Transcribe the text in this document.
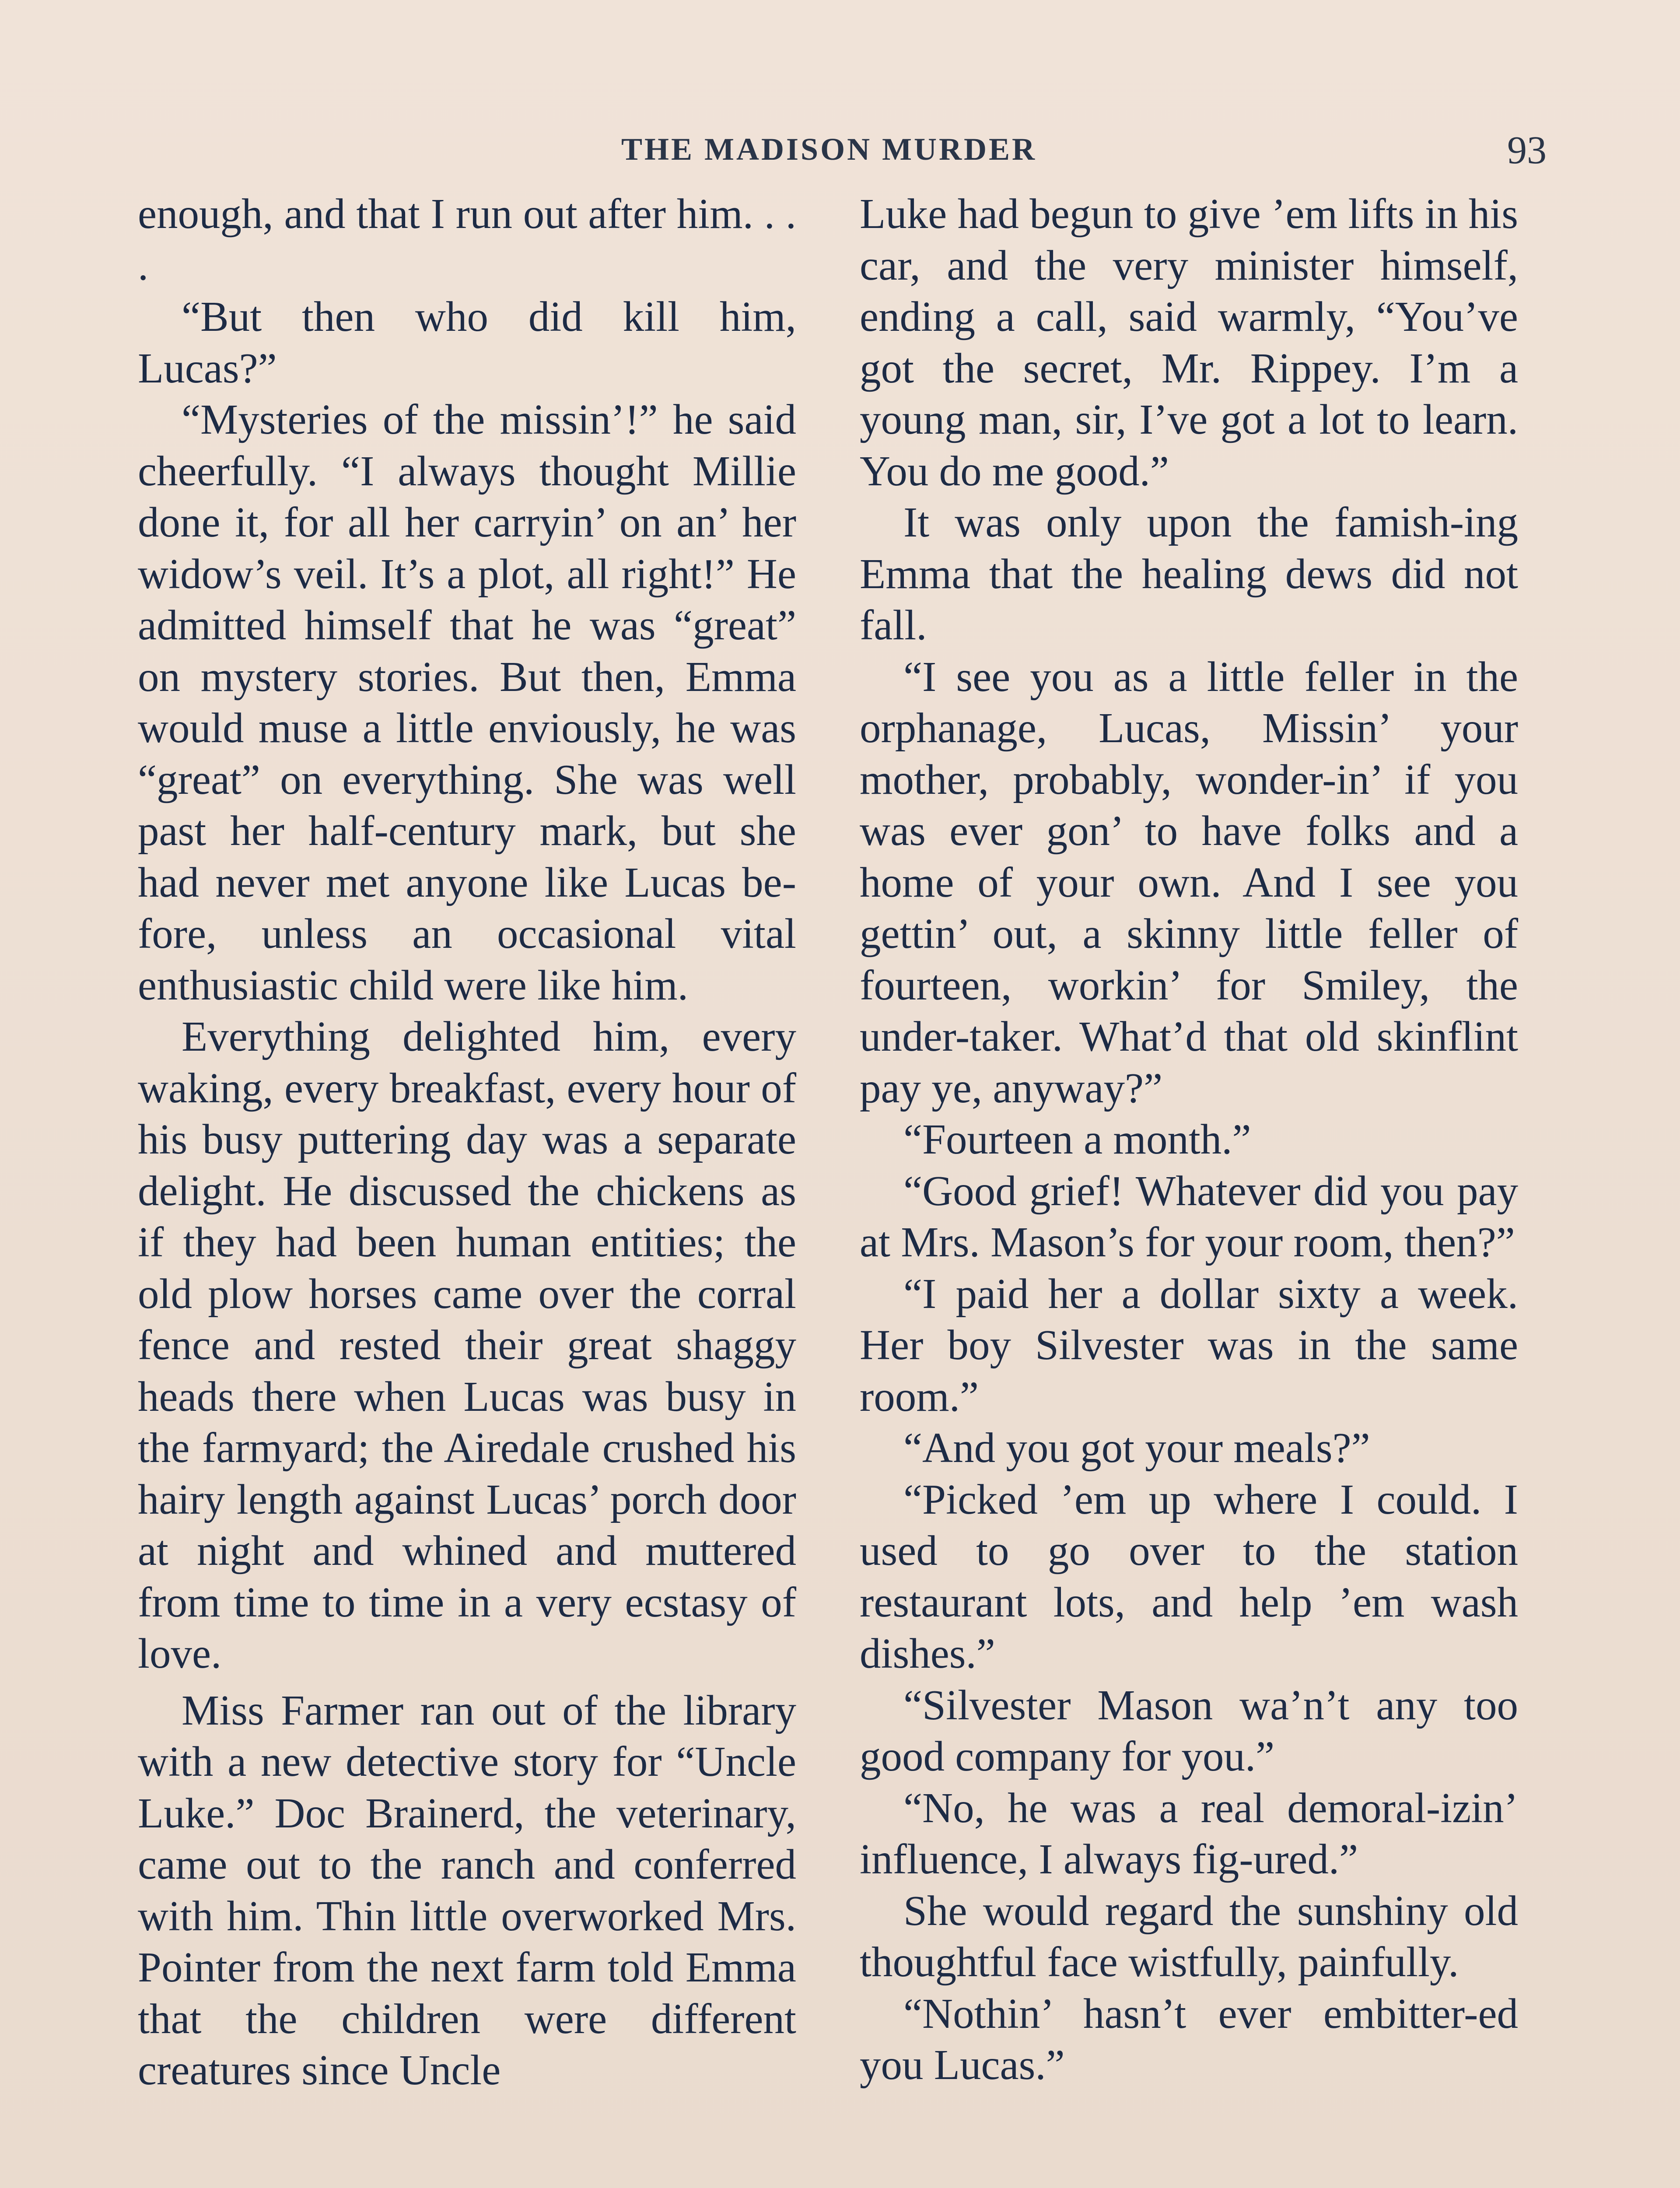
THE MADISON MURDER	93

enough, and that I run out after him. . . .

“But then who did kill him, Lucas?”

“Mysteries of the missin’!” he said cheerfully. “I always thought Millie done it, for all her carryin’ on an’ her widow’s veil. It’s a plot, all right!” He admitted himself that he was “great” on mystery stories. But then, Emma would muse a little enviously, he was “great” on everything. She was well past her half-century mark, but she had never met anyone like Lucas be-fore, unless an occasional vital enthusiastic child were like him.

Everything delighted him, every waking, every breakfast, every hour of his busy puttering day was a separate delight. He discussed the chickens as if they had been human entities; the old plow horses came over the corral fence and rested their great shaggy heads there when Lucas was busy in the farmyard; the Airedale crushed his hairy length against Lucas’ porch door at night and whined and muttered from time to time in a very ecstasy of love.

Miss Farmer ran out of the library with a new detective story for “Uncle Luke.” Doc Brainerd, the veterinary, came out to the ranch and conferred with him. Thin little overworked Mrs. Pointer from the next farm told Emma that the children were different creatures since Uncle

Luke had begun to give ’em lifts in his car, and the very minister himself, ending a call, said warmly, “You’ve got the secret, Mr. Rippey. I’m a young man, sir, I’ve got a lot to learn. You do me good.”

It was only upon the famish-ing Emma that the healing dews did not fall.

“I see you as a little feller in the orphanage, Lucas, Missin’ your mother, probably, wonder-in’ if you was ever gon’ to have folks and a home of your own. And I see you gettin’ out, a skinny little feller of fourteen, workin’ for Smiley, the under-taker. What’d that old skinflint pay ye, anyway?”

“Fourteen a month.”

“Good grief! Whatever did you pay at Mrs. Mason’s for your room, then?”

“I paid her a dollar sixty a week. Her boy Silvester was in the same room.”

“And you got your meals?”

“Picked ’em up where I could. I used to go over to the station restaurant lots, and help ’em wash dishes.”

“Silvester Mason wa’n’t any too good company for you.”

“No, he was a real demoral-izin’ influence, I always fig-ured.”

She would regard the sunshiny old thoughtful face wistfully, painfully.

“Nothin’ hasn’t ever embitter-ed you Lucas.”
